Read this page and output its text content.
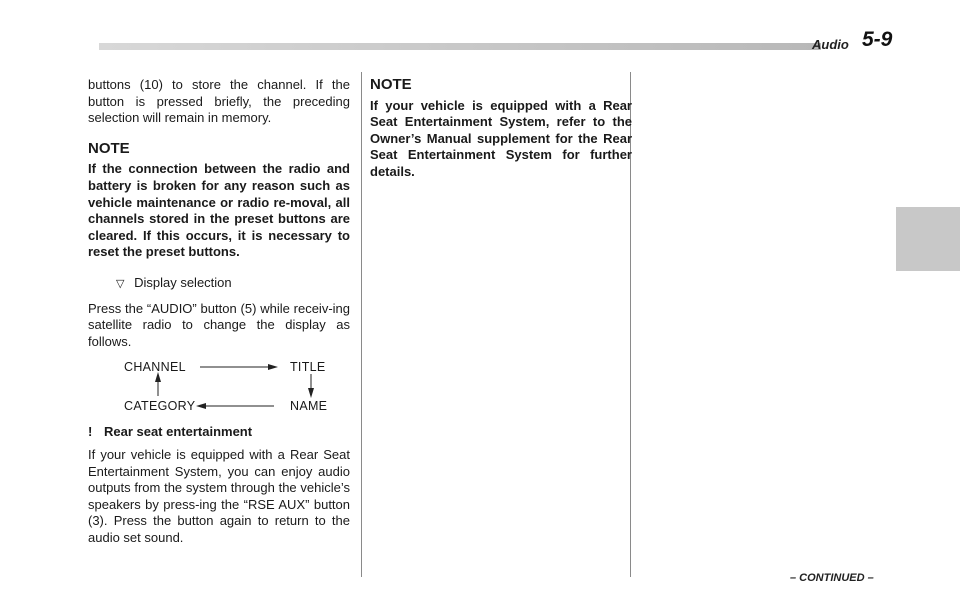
Audio 5-9

buttons (10) to store the channel. If the button is pressed briefly, the preceding selection will remain in memory.

NOTE

If the connection between the radio and battery is broken for any reason such as vehicle maintenance or radio re-moval, all channels stored in the preset buttons are cleared. If this occurs, it is necessary to reset the preset buttons.

▽ Display selection

Press the “AUDIO” button (5) while receiv-ing satellite radio to change the display as follows.

CHANNEL	TITLE
CATEGORY	NAME
! Rear seat entertainment

If your vehicle is equipped with a Rear Seat Entertainment System, you can enjoy audio outputs from the system through the vehicle’s speakers by press-ing the “RSE AUX” button (3). Press the button again to return to the audio set sound.

NOTE

If your vehicle is equipped with a Rear Seat Entertainment System, refer to the Owner’s Manual supplement for the Rear Seat Entertainment System for further details.

– CONTINUED –
